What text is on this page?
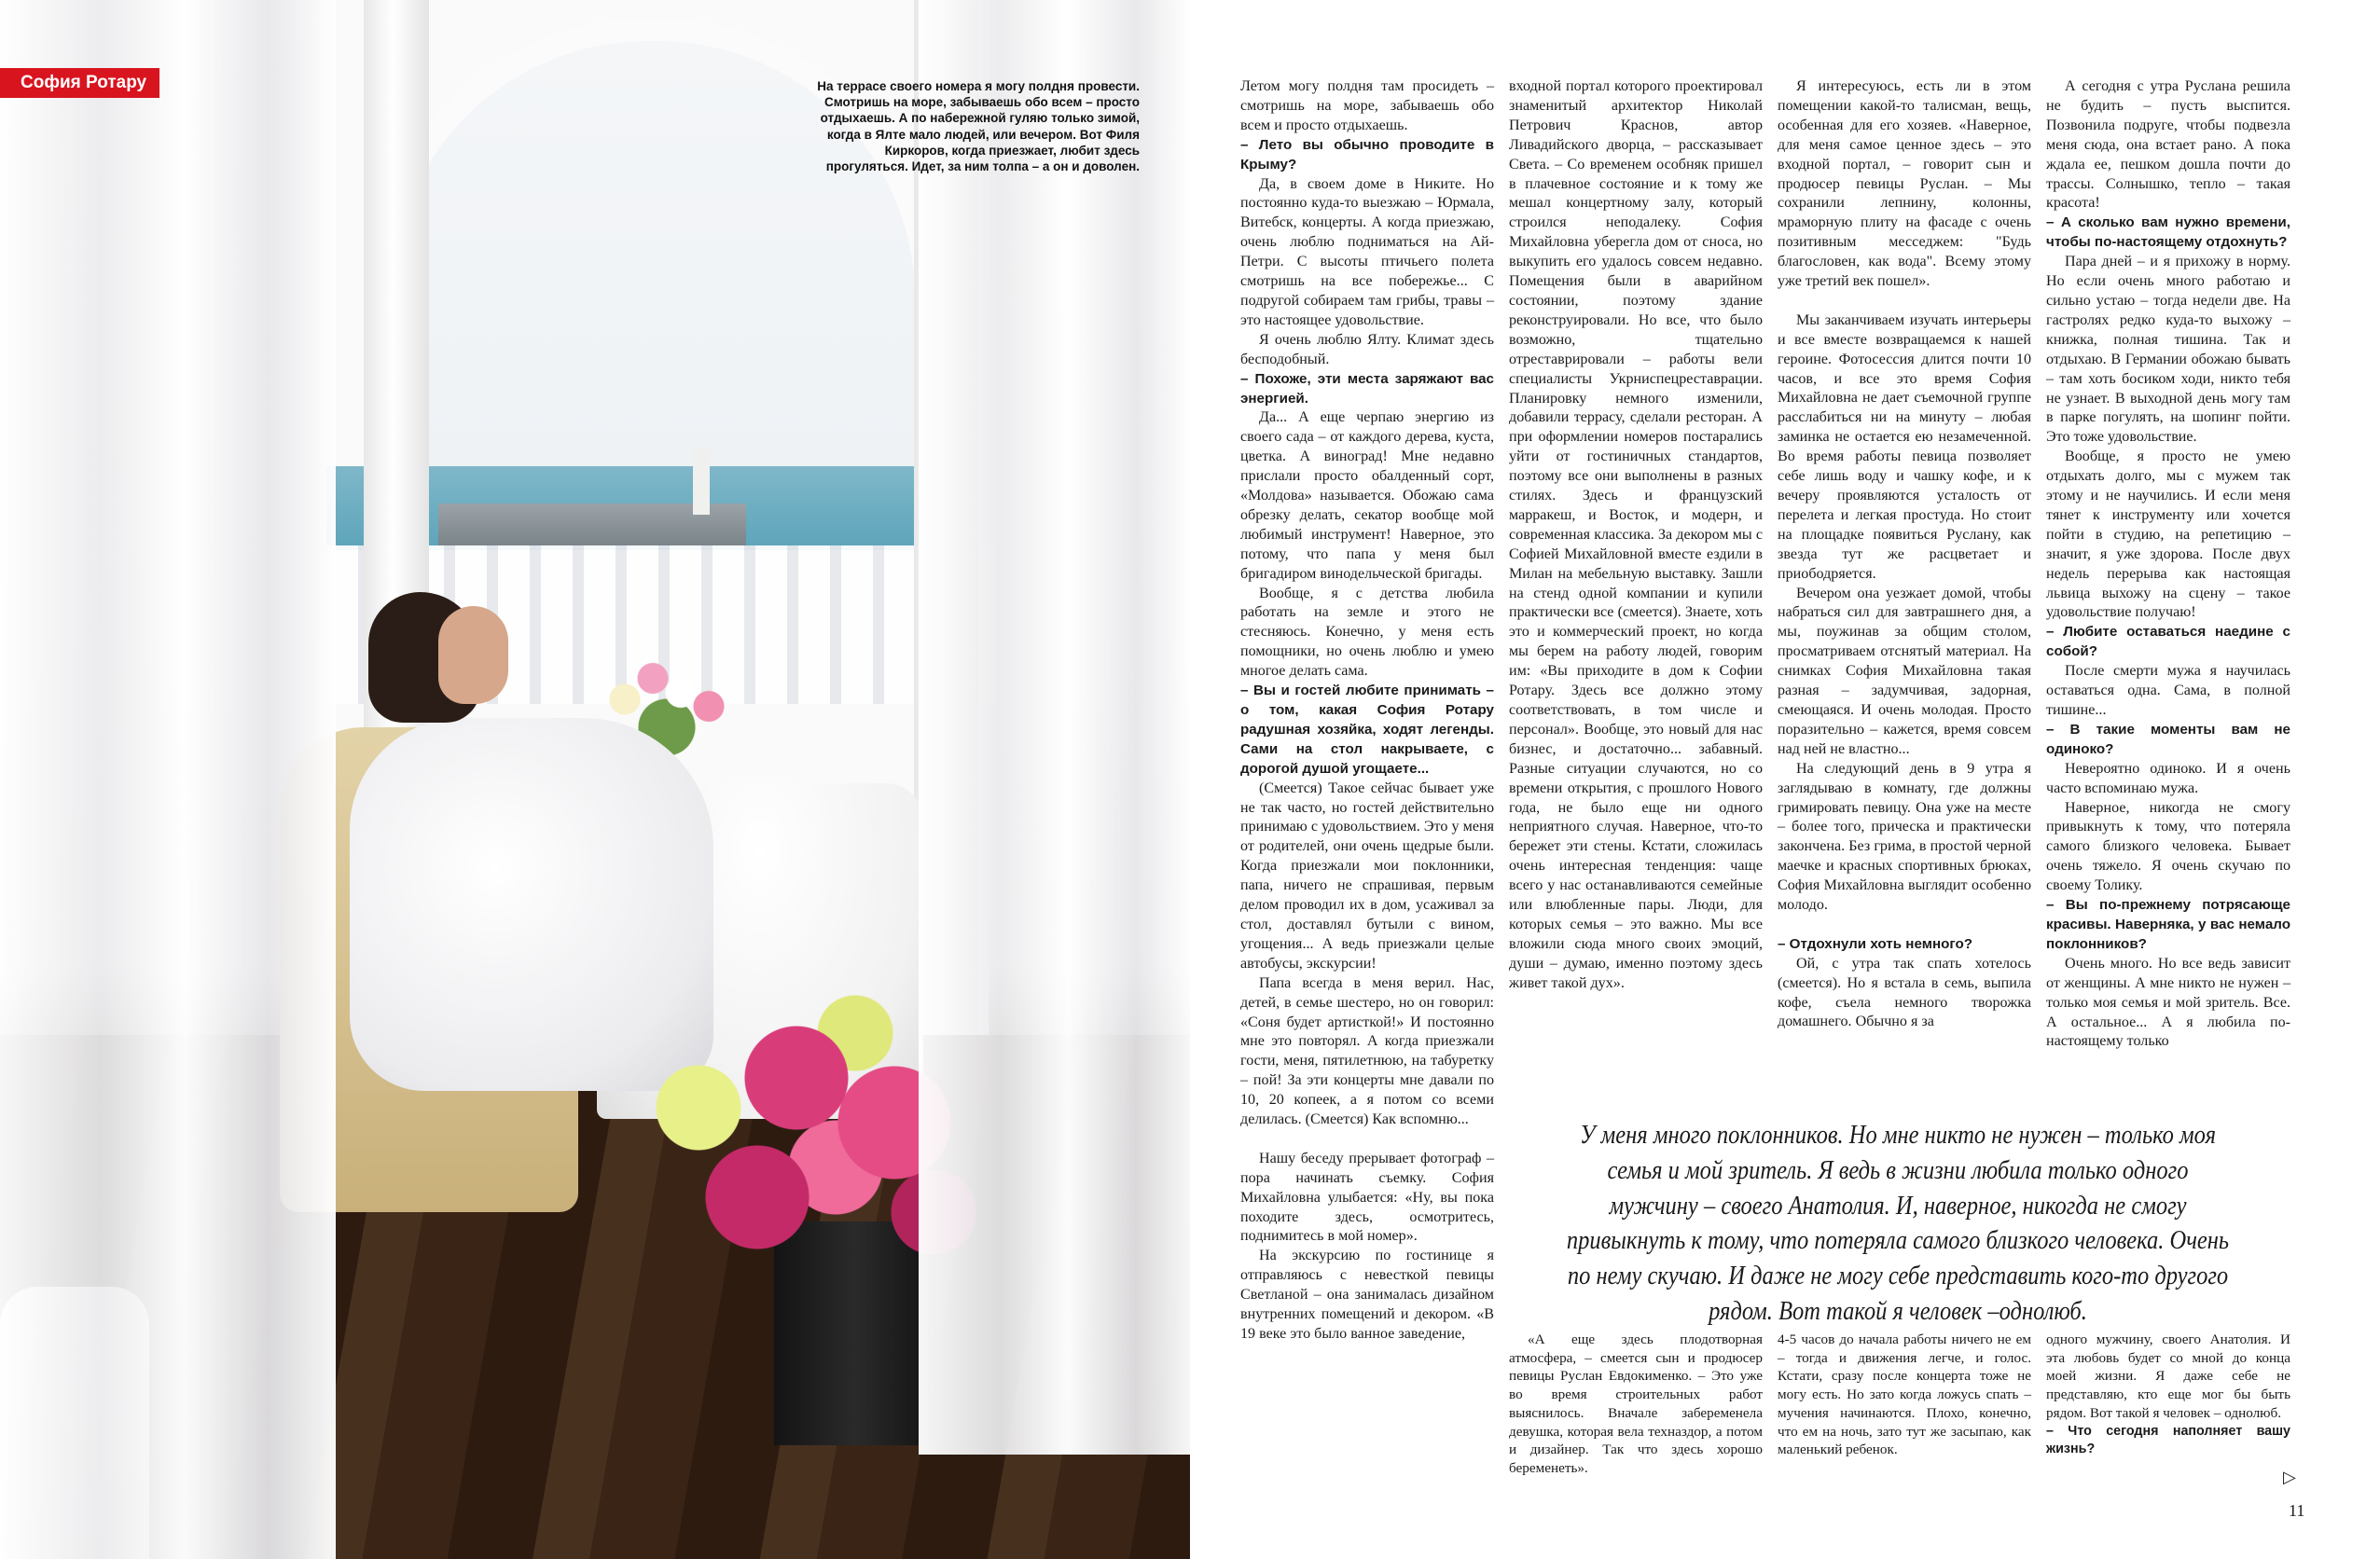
София Ротару	На террасе своего номера я могу полдня провести. Смотришь на море, забываешь обо всем – просто отдыхаешь. А по набережной гуляю только зимой, когда в Ялте мало людей, или вечером. Вот Филя Киркоров, когда приезжает, любит здесь прогуляться. Идет, за ним толпа – а он и доволен.

Летом могу полдня там просидеть – смотришь на море, забываешь обо всем и просто отдыхаешь.

– Лето вы обычно проводите в Крыму?

Да, в своем доме в Никите. Но постоянно куда-то выезжаю – Юрмала, Витебск, концерты. А когда приезжаю, очень люблю подниматься на Ай-Петри. С высоты птичьего полета смотришь на все побережье... С подругой собираем там грибы, травы – это настоящее удовольствие.

Я очень люблю Ялту. Климат здесь бесподобный.

– Похоже, эти места заряжают вас энергией.

Да... А еще черпаю энергию из своего сада – от каждого дерева, куста, цветка. А виноград! Мне недавно прислали просто обалденный сорт, «Молдова» называется. Обожаю сама обрезку делать, секатор вообще мой любимый инструмент! Наверное, это потому, что папа у меня был бригадиром винодельческой бригады.

Вообще, я с детства любила работать на земле и этого не стесняюсь. Конечно, у меня есть помощники, но очень люблю и умею многое делать сама.

– Вы и гостей любите принимать – о том, какая София Ротару радушная хозяйка, ходят легенды. Сами на стол накрываете, с дорогой душой угощаете...

(Смеется) Такое сейчас бывает уже не так часто, но гостей действительно принимаю с удовольствием. Это у меня от родителей, они очень щедрые были. Когда приезжали мои поклонники, папа, ничего не спрашивая, первым делом проводил их в дом, усаживал за стол, доставлял бутыли с вином, угощения... А ведь приезжали целые автобусы, экскурсии!

Папа всегда в меня верил. Нас, детей, в семье шестеро, но он говорил: «Соня будет артисткой!» И постоянно мне это повторял. А когда приезжали гости, меня, пятилетнюю, на табуретку – пой! За эти концерты мне давали по 10, 20 копеек, а я потом со всеми делилась. (Смеется) Как вспомню...

Нашу беседу прерывает фотограф – пора начинать съемку. София Михайловна улыбается: «Ну, вы пока походите здесь, осмотритесь, поднимитесь в мой номер».

На экскурсию по гостинице я отправляюсь с невесткой певицы Светланой – она занималась дизайном внутренних помещений и декором. «В 19 веке это было ванное заведение,

входной портал которого проектировал знаменитый архитектор Николай Петрович Краснов, автор Ливадийского дворца, – рассказывает Света. – Со временем особняк пришел в плачевное состояние и к тому же мешал концертному залу, который строился неподалеку. София Михайловна уберегла дом от сноса, но выкупить его удалось совсем недавно. Помещения были в аварийном состоянии, поэтому здание реконструировали. Но все, что было возможно, тщательно отреставрировали – работы вели специалисты Укрниспецреставрации. Планировку немного изменили, добавили террасу, сделали ресторан. А при оформлении номеров постарались уйти от гостиничных стандартов, поэтому все они выполнены в разных стилях. Здесь и французский марракеш, и Восток, и модерн, и современная классика. За декором мы с Софией Михайловной вместе ездили в Милан на мебельную выставку. Зашли на стенд одной компании и купили практически все (смеется). Знаете, хоть это и коммерческий проект, но когда мы берем на работу людей, говорим им: «Вы приходите в дом к Софии Ротару. Здесь все должно этому соответствовать, в том числе и персонал». Вообще, это новый для нас бизнес, и достаточно... забавный. Разные ситуации случаются, но со времени открытия, с прошлого Нового года, не было еще ни одного неприятного случая. Наверное, что-то бережет эти стены. Кстати, сложилась очень интересная тенденция: чаще всего у нас останавливаются семейные или влюбленные пары. Люди, для которых семья – это важно. Мы все вложили сюда много своих эмоций, души – думаю, именно поэтому здесь живет такой дух».

Я интересуюсь, есть ли в этом помещении какой-то талисман, вещь, особенная для его хозяев. «Наверное, для меня самое ценное здесь – это входной портал, – говорит сын и продюсер певицы Руслан. – Мы сохранили лепнину, колонны, мраморную плиту на фасаде с очень позитивным месседжем: "Будь благословен, как вода". Всему этому уже третий век пошел».

Мы заканчиваем изучать интерьеры и все вместе возвращаемся к нашей героине. Фотосессия длится почти 10 часов, и все это время София Михайловна не дает съемочной группе расслабиться ни на минуту – любая заминка не остается ею незамеченной. Во время работы певица позволяет себе лишь воду и чашку кофе, и к вечеру проявляются усталость от перелета и легкая простуда. Но стоит на площадке появиться Руслану, как звезда тут же расцветает и приободряется.

Вечером она уезжает домой, чтобы набраться сил для завтрашнего дня, а мы, поужинав за общим столом, просматриваем отснятый материал. На снимках София Михайловна такая разная – задумчивая, задорная, смеющаяся. И очень молодая. Просто поразительно – кажется, время совсем над ней не властно...

На следующий день в 9 утра я заглядываю в комнату, где должны гримировать певицу. Она уже на месте – более того, прическа и практически закончена. Без грима, в простой черной маечке и красных спортивных брюках, София Михайловна выглядит особенно молодо.

– Отдохнули хоть немного?

Ой, с утра так спать хотелось (смеется). Но я встала в семь, выпила кофе, съела немного творожка домашнего. Обычно я за

А сегодня с утра Руслана решила не будить – пусть выспится. Позвонила подруге, чтобы подвезла меня сюда, она встает рано. А пока ждала ее, пешком дошла почти до трассы. Солнышко, тепло – такая красота!

– А сколько вам нужно времени, чтобы по-настоящему отдохнуть?

Пара дней – и я прихожу в норму. Но если очень много работаю и сильно устаю – тогда недели две. На гастролях редко куда-то выхожу – книжка, полная тишина. Так и отдыхаю. В Германии обожаю бывать – там хоть босиком ходи, никто тебя не узнает. В выходной день могу там в парке погулять, на шопинг пойти. Это тоже удовольствие.

Вообще, я просто не умею отдыхать долго, мы с мужем так этому и не научились. И если меня тянет к инструменту или хочется пойти в студию, на репетицию – значит, я уже здорова. После двух недель перерыва как настоящая львица выхожу на сцену – такое удовольствие получаю!

– Любите оставаться наедине с собой?

После смерти мужа я научилась оставаться одна. Сама, в полной тишине...

– В такие моменты вам не одиноко?

Невероятно одиноко. И я очень часто вспоминаю мужа.

Наверное, никогда не смогу привыкнуть к тому, что потеряла самого близкого человека. Бывает очень тяжело. Я очень скучаю по своему Толику.

– Вы по-прежнему потрясающе красивы. Наверняка, у вас немало поклонников?

Очень много. Но все ведь зависит от женщины. А мне никто не нужен – только моя семья и мой зритель. Все. А остальное... А я любила по-настоящему только

У меня много поклонников. Но мне никто не нужен – только моя семья и мой зритель. Я ведь в жизни любила только одного мужчину – своего Анатолия. И, наверное, никогда не смогу привыкнуть к тому, что потеряла самого близкого человека. Очень по нему скучаю. И даже не могу себе представить кого-то другого рядом. Вот такой я человек –однолюб.

«А еще здесь плодотворная атмосфера, – смеется сын и продюсер певицы Руслан Евдокименко. – Это уже во время строительных работ выяснилось. Вначале забеременела девушка, которая вела техназдор, а потом и дизайнер. Так что здесь хорошо беременеть».

4-5 часов до начала работы ничего не ем – тогда и движения легче, и голос. Кстати, сразу после концерта тоже не могу есть. Но зато когда ложусь спать – мучения начинаются. Плохо, конечно, что ем на ночь, зато тут же засыпаю, как маленький ребенок.

одного мужчину, своего Анатолия. И эта любовь будет со мной до конца моей жизни. Я даже себе не представляю, кто еще мог бы быть рядом. Вот такой я человек – однолюб.

– Что сегодня наполняет вашу жизнь?

▷
11
